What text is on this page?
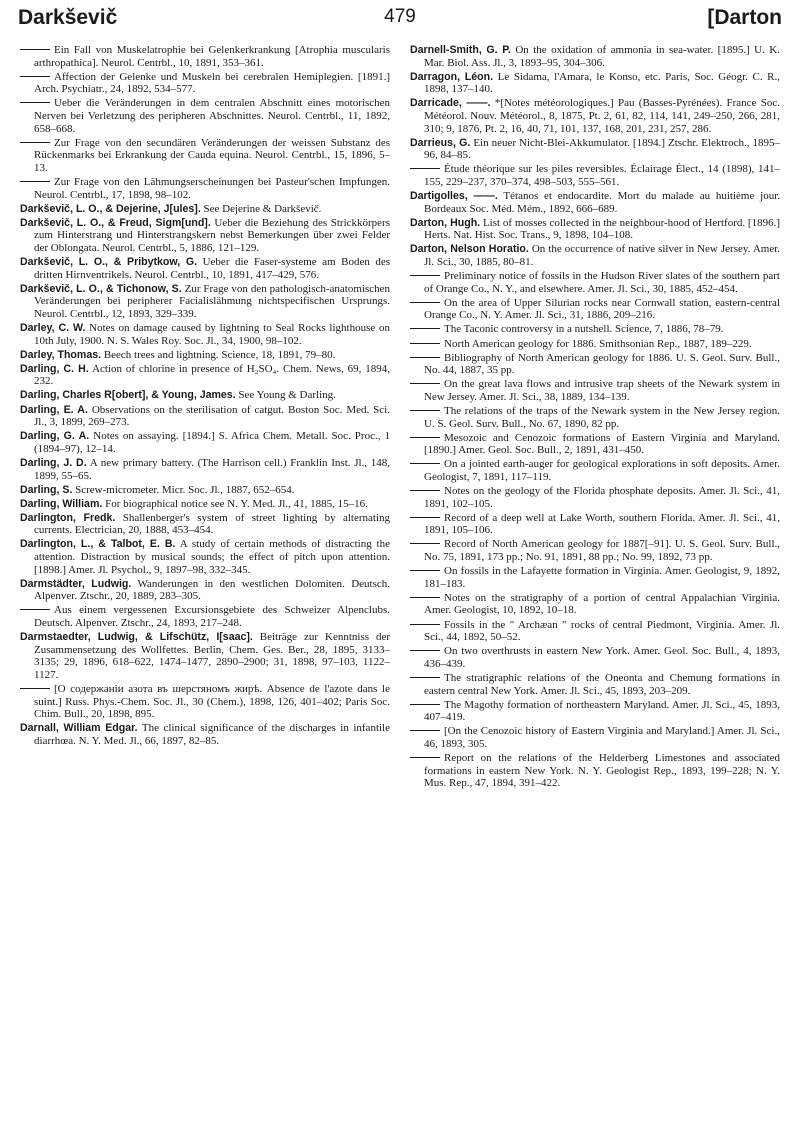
Darkševič	479	[Darton

Ein Fall von Muskelatrophie bei Gelenkerkrankung [Atrophia muscularis arthropathica]. Neurol. Centrbl., 10, 1891, 353–361.

Affection der Gelenke und Muskeln bei cerebralen Hemiplegien. [1891.] Arch. Psychiatr., 24, 1892, 534–577.

Ueber die Veränderungen in dem centralen Abschnitt eines motorischen Nerven bei Verletzung des peripheren Abschnittes. Neurol. Centrbl., 11, 1892, 658–668.

Zur Frage von den secundären Veränderungen der weissen Substanz des Rückenmarks bei Erkrankung der Cauda equina. Neurol. Centrbl., 15, 1896, 5–13.

Zur Frage von den Lähmungserscheinungen bei Pasteur'schen Impfungen. Neurol. Centrbl., 17, 1898, 98–102.

Darkševič, L. O., & Dejerine, J[ules]. See Dejerine & Darkševič.

Darkševič, L. O., & Freud, Sigm[und]. Ueber die Beziehung des Strickkörpers zum Hinterstrang und Hinterstrangskern nebst Bemerkungen über zwei Felder der Oblongata. Neurol. Centrbl., 5, 1886, 121–129.

Darkševič, L. O., & Pribytkow, G. Ueber die Faser-systeme am Boden des dritten Hirnventrikels. Neurol. Centrbl., 10, 1891, 417–429, 576.

Darkševič, L. O., & Tichonow, S. Zur Frage von den pathologisch-anatomischen Veränderungen bei peripherer Facialislähmung nichtspecifischen Ursprungs. Neurol. Centrbl., 12, 1893, 329–339.

Darley, C. W. Notes on damage caused by lightning to Seal Rocks lighthouse on 10th July, 1900. N. S. Wales Roy. Soc. Jl., 34, 1900, 98–102.

Darley, Thomas. Beech trees and lightning. Science, 18, 1891, 79–80.

Darling, C. H. Action of chlorine in presence of H₂SO₄. Chem. News, 69, 1894, 232.

Darling, Charles R[obert], & Young, James. See Young & Darling.

Darling, E. A. Observations on the sterilisation of catgut. Boston Soc. Med. Sci. Jl., 3, 1899, 269–273.

Darling, G. A. Notes on assaying. [1894.] S. Africa Chem. Metall. Soc. Proc., 1 (1894–97), 12–14.

Darling, J. D. A new primary battery. (The Harrison cell.) Franklin Inst. Jl., 148, 1899, 55–65.

Darling, S. Screw-micrometer. Micr. Soc. Jl., 1887, 652–654.

Darling, William. For biographical notice see N. Y. Med. Jl., 41, 1885, 15–16.

Darlington, Fredk. Shallenberger's system of street lighting by alternating currents. Electrician, 20, 1888, 453–454.

Darlington, L., & Talbot, E. B. A study of certain methods of distracting the attention. Distraction by musical sounds; the effect of pitch upon attention. [1898.] Amer. Jl. Psychol., 9, 1897–98, 332–345.

Darmstädter, Ludwig. Wanderungen in den westlichen Dolomiten. Deutsch. Alpenver. Ztschr., 20, 1889, 283–305.

Aus einem vergessenen Excursionsgebiete des Schweizer Alpenclubs. Deutsch. Alpenver. Ztschr., 24, 1893, 217–248.

Darmstaedter, Ludwig, & Lifschütz, I[saac]. Beiträge zur Kenntniss der Zusammensetzung des Wollfettes. Berlin, Chem. Ges. Ber., 28, 1895, 3133–3135; 29, 1896, 618–622, 1474–1477, 2890–2900; 31, 1898, 97–103, 1122–1127.

[О содержаніи азота въ шерстяномъ жирѣ. Absence de l'azote dans le suint.] Russ. Phys.-Chem. Soc. Jl., 30 (Chem.), 1898, 126, 401–402; Paris Soc. Chim. Bull., 20, 1898, 895.

Darnall, William Edgar. The clinical significance of the discharges in infantile diarrhœa. N. Y. Med. Jl., 66, 1897, 82–85.

Darnell-Smith, G. P. On the oxidation of ammonia in sea-water. [1895.] U. K. Mar. Biol. Ass. Jl., 3, 1893–95, 304–306.

Darragon, Léon. Le Sidama, l'Amara, le Konso, etc. Paris, Soc. Géogr. C. R., 1898, 137–140.

Darricade, ——. *[Notes météorologiques.] Pau (Basses-Pyrénées). France Soc. Météorol. Nouv. Météorol., 8, 1875, Pt. 2, 61, 82, 114, 141, 249–250, 266, 281, 310; 9, 1876, Pt. 2, 16, 40, 71, 101, 137, 168, 201, 231, 257, 286.

Darrieus, G. Ein neuer Nicht-Blei-Akkumulator. [1894.] Ztschr. Elektroch., 1895–96, 84–85.

Étude théorique sur les piles reversibles. Éclairage Élect., 14 (1898), 141–155, 229–237, 370–374, 498–503, 555–561.

Dartigolles, ——. Tétanos et endocardite. Mort du malade au huitième jour. Bordeaux Soc. Méd. Mém., 1892, 666–689.

Darton, Hugh. List of mosses collected in the neighbour-hood of Hertford. [1896.] Herts. Nat. Hist. Soc. Trans., 9, 1898, 104–108.

Darton, Nelson Horatio. On the occurrence of native silver in New Jersey. Amer. Jl. Sci., 30, 1885, 80–81.

Preliminary notice of fossils in the Hudson River slates of the southern part of Orange Co., N. Y., and elsewhere. Amer. Jl. Sci., 30, 1885, 452–454.

On the area of Upper Silurian rocks near Cornwall station, eastern-central Orange Co., N. Y. Amer. Jl. Sci., 31, 1886, 209–216.

The Taconic controversy in a nutshell. Science, 7, 1886, 78–79.

North American geology for 1886. Smithsonian Rep., 1887, 189–229.

Bibliography of North American geology for 1886. U. S. Geol. Surv. Bull., No. 44, 1887, 35 pp.

On the great lava flows and intrusive trap sheets of the Newark system in New Jersey. Amer. Jl. Sci., 38, 1889, 134–139.

The relations of the traps of the Newark system in the New Jersey region. U. S. Geol. Surv. Bull., No. 67, 1890, 82 pp.

Mesozoic and Cenozoic formations of Eastern Virginia and Maryland. [1890.] Amer. Geol. Soc. Bull., 2, 1891, 431–450.

On a jointed earth-auger for geological explorations in soft deposits. Amer. Geologist, 7, 1891, 117–119.

Notes on the geology of the Florida phosphate deposits. Amer. Jl. Sci., 41, 1891, 102–105.

Record of a deep well at Lake Worth, southern Florida. Amer. Jl. Sci., 41, 1891, 105–106.

Record of North American geology for 1887[–91]. U. S. Geol. Surv. Bull., No. 75, 1891, 173 pp.; No. 91, 1891, 88 pp.; No. 99, 1892, 73 pp.

On fossils in the Lafayette formation in Virginia. Amer. Geologist, 9, 1892, 181–183.

Notes on the stratigraphy of a portion of central Appalachian Virginia. Amer. Geologist, 10, 1892, 10–18.

Fossils in the " Archæan " rocks of central Piedmont, Virginia. Amer. Jl. Sci., 44, 1892, 50–52.

On two overthrusts in eastern New York. Amer. Geol. Soc. Bull., 4, 1893, 436–439.

The stratigraphic relations of the Oneonta and Chemung formations in eastern central New York. Amer. Jl. Sci., 45, 1893, 203–209.

The Magothy formation of northeastern Maryland. Amer. Jl. Sci., 45, 1893, 407–419.

[On the Cenozoic history of Eastern Virginia and Maryland.] Amer. Jl. Sci., 46, 1893, 305.

Report on the relations of the Helderberg Limestones and associated formations in eastern New York. N. Y. Geologist Rep., 1893, 199–228; N. Y. Mus. Rep., 47, 1894, 391–422.
